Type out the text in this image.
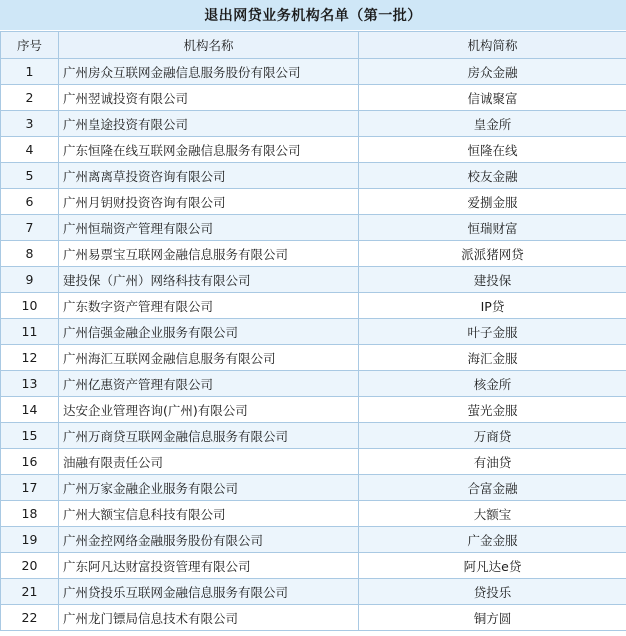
退出网贷业务机构名单（第一批）
序号	机构名称	机构简称
1	广州房众互联网金融信息服务股份有限公司	房众金融
2	广州翌诚投资有限公司	信诚聚富
3	广州皇途投资有限公司	皇金所
4	广东恒隆在线互联网金融信息服务有限公司	恒隆在线
5	广州离离草投资咨询有限公司	校友金融
6	广州月钥财投资咨询有限公司	爱捌金服
7	广州恒瑞资产管理有限公司	恒瑞财富
8	广州易票宝互联网金融信息服务有限公司	派派猪网贷
9	建投保（广州）网络科技有限公司	建投保
10	广东数字资产管理有限公司	IP贷
11	广州信强金融企业服务有限公司	叶子金服
12	广州海汇互联网金融信息服务有限公司	海汇金服
13	广州亿惠资产管理有限公司	核金所
14	达安企业管理咨询(广州)有限公司	萤光金服
15	广州万商贷互联网金融信息服务有限公司	万商贷
16	油融有限责任公司	有油贷
17	广州万家金融企业服务有限公司	合富金融
18	广州大额宝信息科技有限公司	大额宝
19	广州金控网络金融服务股份有限公司	广金金服
20	广东阿凡达财富投资管理有限公司	阿凡达e贷
21	广州贷投乐互联网金融信息服务有限公司	贷投乐
22	广州龙门镖局信息技术有限公司	铜方圆
